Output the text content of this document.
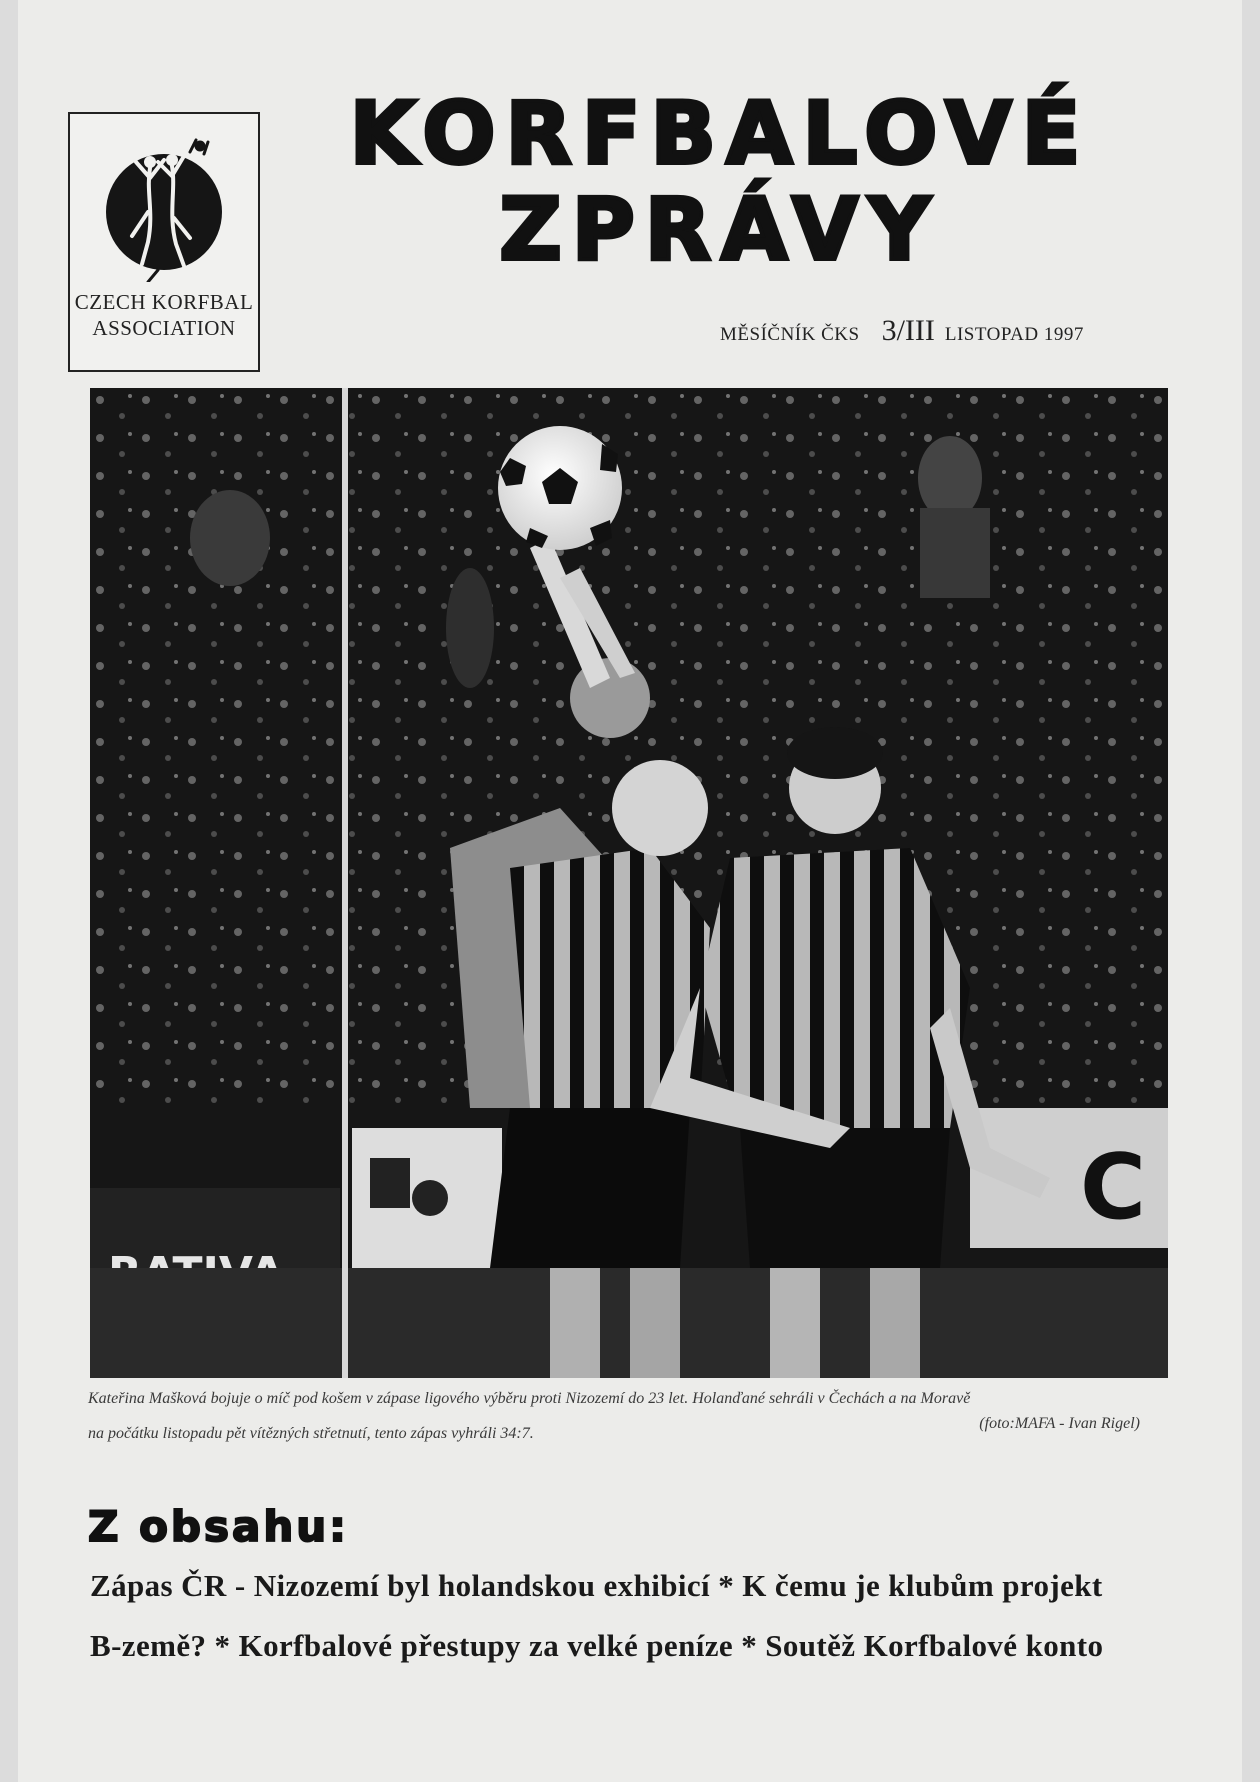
CZECH KORFBAL
ASSOCIATION
KORFBALOVÉ
ZPRÁVY
MĚSÍČNÍK ČKS 3/III LISTOPAD 1997
C
Kateřina Mašková bojuje o míč pod košem v zápase ligového výběru proti Nizozemí do 23 let. Holanďané sehráli v Čechách a na Moravě
(foto:MAFA - Ivan Rigel)
na počátku listopadu pět vítězných střetnutí, tento zápas vyhráli 34:7.
Z obsahu:
Zápas ČR - Nizozemí byl holandskou exhibicí * K čemu je klubům projekt
B-země? * Korfbalové přestupy za velké peníze * Soutěž Korfbalové konto
